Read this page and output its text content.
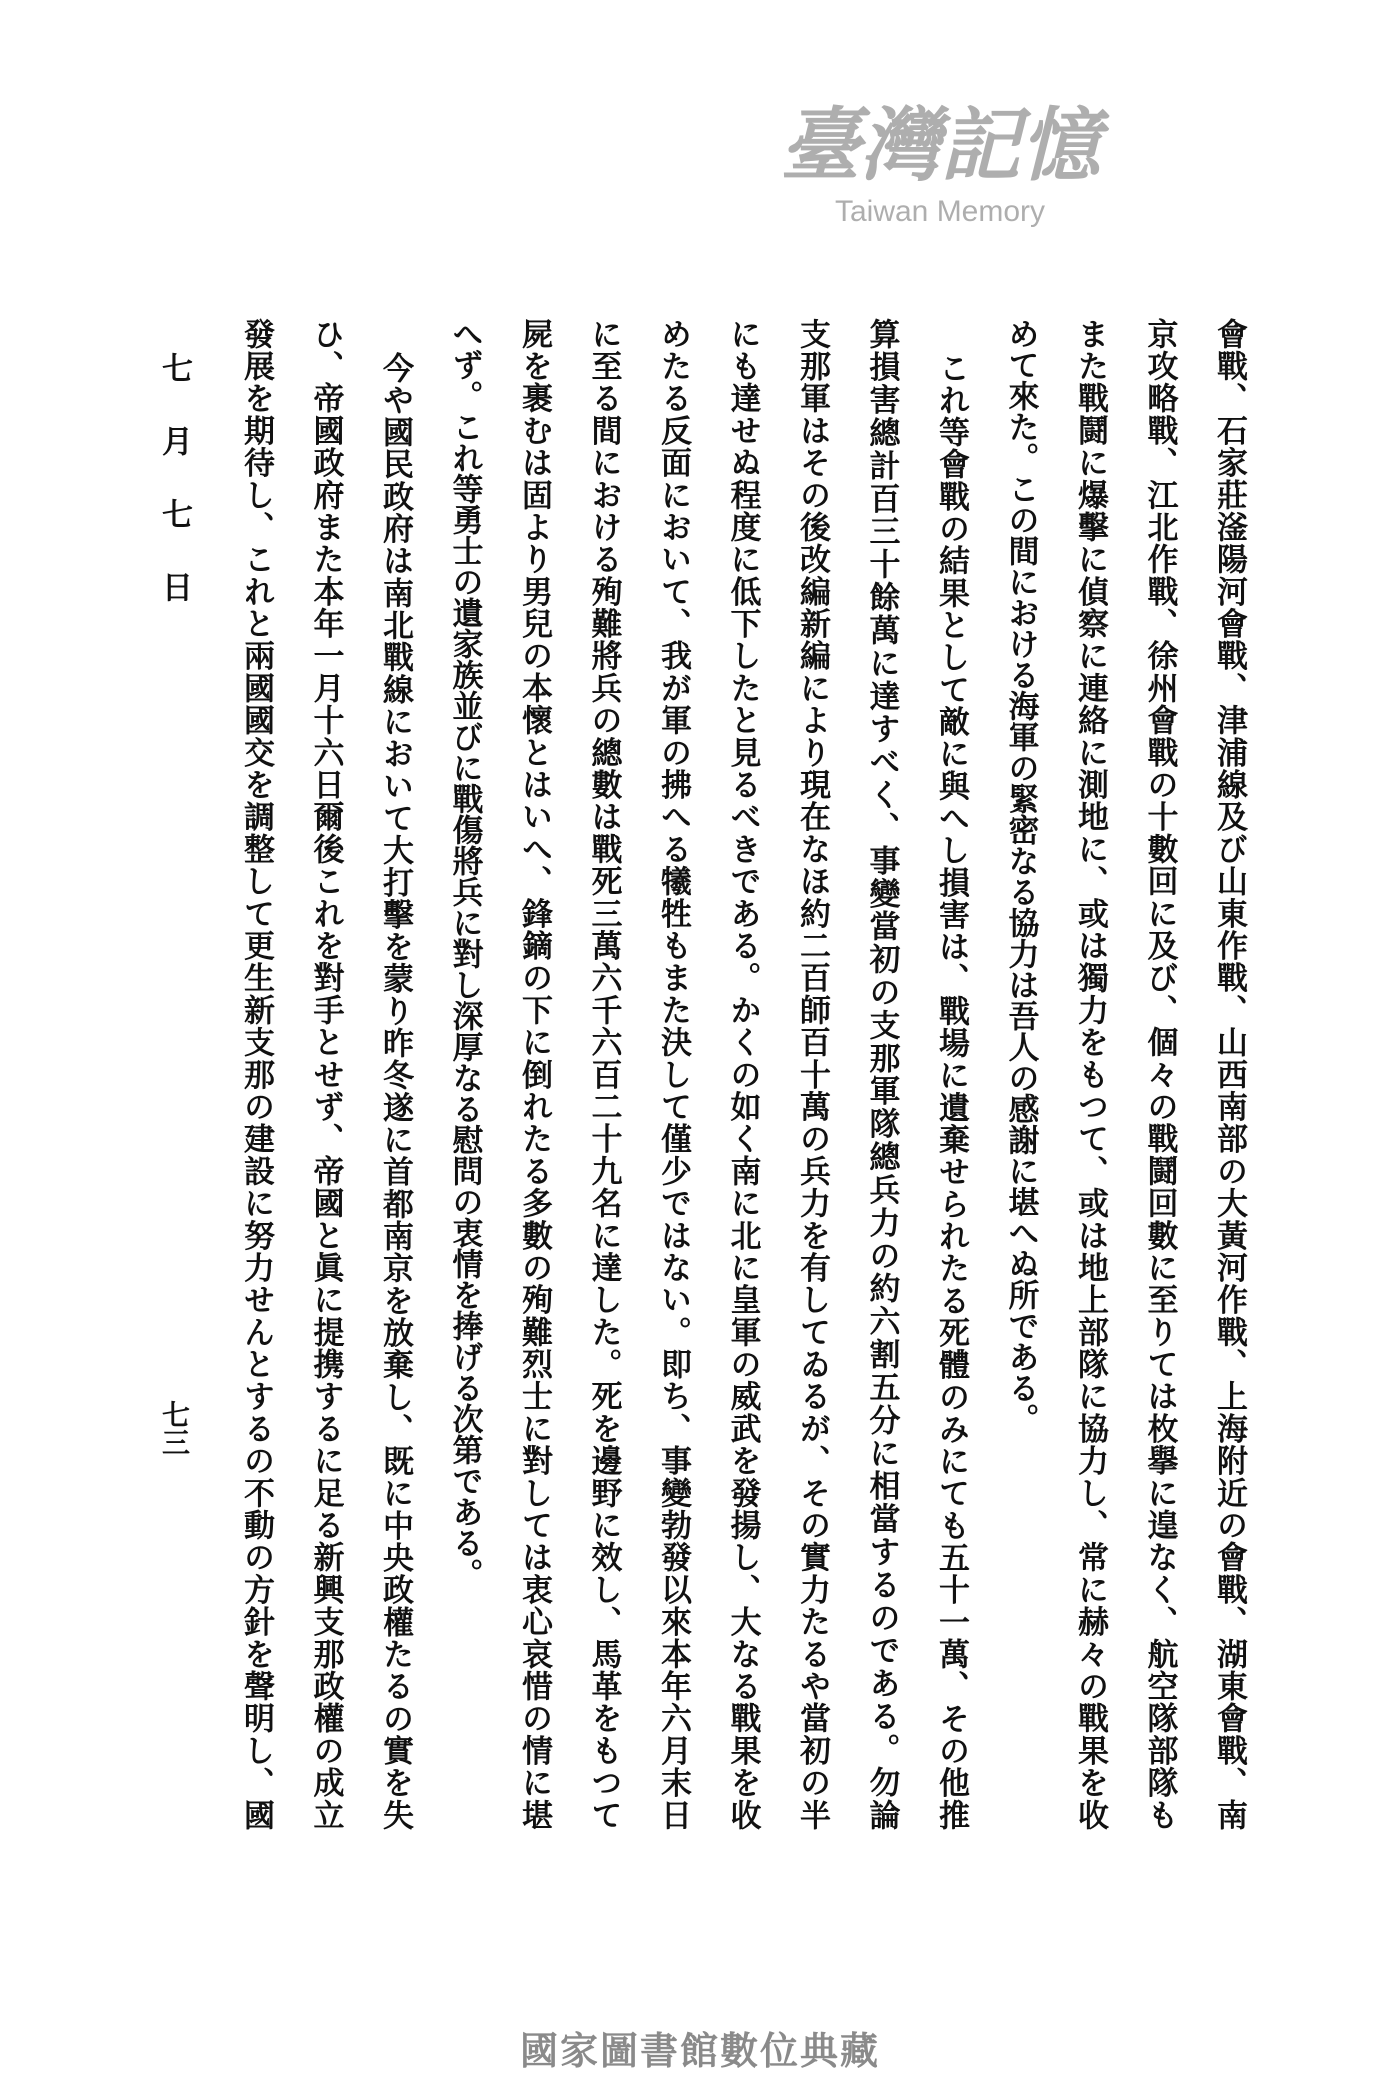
會戰、石家莊滏陽河會戰、津浦線及び山東作戰、山西南部の大黃河作戰、上海附近の會戰、湖東會戰、南
京攻略戰、江北作戰、徐州會戰の十數回に及び、個々の戰鬪回數に至りては枚擧に遑なく、航空隊部隊も
また戰鬪に爆擊に偵察に連絡に測地に、或は獨力をもつて、或は地上部隊に協力し、常に赫々の戰果を收
めて來た。この間における海軍の緊密なる協力は吾人の感謝に堪へぬ所である。
これ等會戰の結果として敵に與へし損害は、戰場に遺棄せられたる死體のみにても五十一萬、その他推
算損害總計百三十餘萬に達すべく、事變當初の支那軍隊總兵力の約六割五分に相當するのである。勿論
支那軍はその後改編新編により現在なほ約二百師百十萬の兵力を有してゐるが、その實力たるや當初の半
にも達せぬ程度に低下したと見るべきである。かくの如く南に北に皇軍の威武を發揚し、大なる戰果を收
めたる反面において、我が軍の拂へる犧牲もまた決して僅少ではない。即ち、事變勃發以來本年六月末日
に至る間における殉難將兵の總數は戰死三萬六千六百二十九名に達した。死を邊野に效し、馬革をもつて
屍を裹むは固より男兒の本懷とはいへ、鋒鏑の下に倒れたる多數の殉難烈士に對しては衷心哀惜の情に堪
へず。これ等勇士の遺家族並びに戰傷將兵に對し深厚なる慰問の衷情を捧げる次第である。
今や國民政府は南北戰線において大打擊を蒙り昨冬遂に首都南京を放棄し、既に中央政權たるの實を失
ひ、帝國政府また本年一月十六日爾後これを對手とせず、帝國と眞に提携するに足る新興支那政權の成立
發展を期待し、これと兩國國交を調整して更生新支那の建設に努力せんとするの不動の方針を聲明し、國
七月七日
七三
國家圖書館數位典藏
臺灣記憶
Taiwan Memory
